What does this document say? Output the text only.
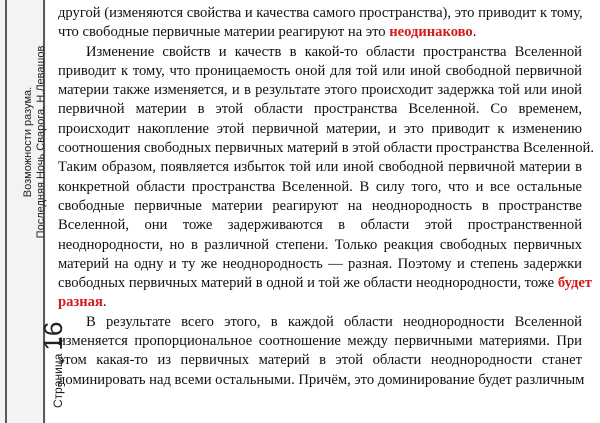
Возможности разума. Последняя Ночь Сварога. Н.Левашов
Страница
16

другой (изменяются свойства и качества самого пространства), это приводит к тому,
что свободные первичные материи реагируют на это неодинаково.

Изменение свойств и качеств в какой-то области пространства Вселенной
приводит к тому, что проницаемость оной для той или иной свободной первичной
материи также изменяется, и в результате этого происходит задержка той или иной
первичной материи в этой области пространства Вселенной. Со временем,
происходит накопление этой первичной материи, и это приводит к изменению
соотношения свободных первичных материй в этой области пространства Вселенной.
Таким образом, появляется избыток той или иной свободной первичной материи в
конкретной области пространства Вселенной. В силу того, что и все остальные
свободные первичные материи реагируют на неоднородность в пространстве
Вселенной, они тоже задерживаются в области этой пространственной
неоднородности, но в различной степени. Только реакция свободных первичных
материй на одну и ту же неоднородность — разная. Поэтому и степень задержки
свободных первичных материй в одной и той же области неоднородности, тоже будет
разная.

В результате всего этого, в каждой области неоднородности Вселенной
изменяется пропорциональное соотношение между первичными материями. При
этом какая-то из первичных материй в этой области неоднородности станет
доминировать над всеми остальными. Причём, это доминирование будет различным
